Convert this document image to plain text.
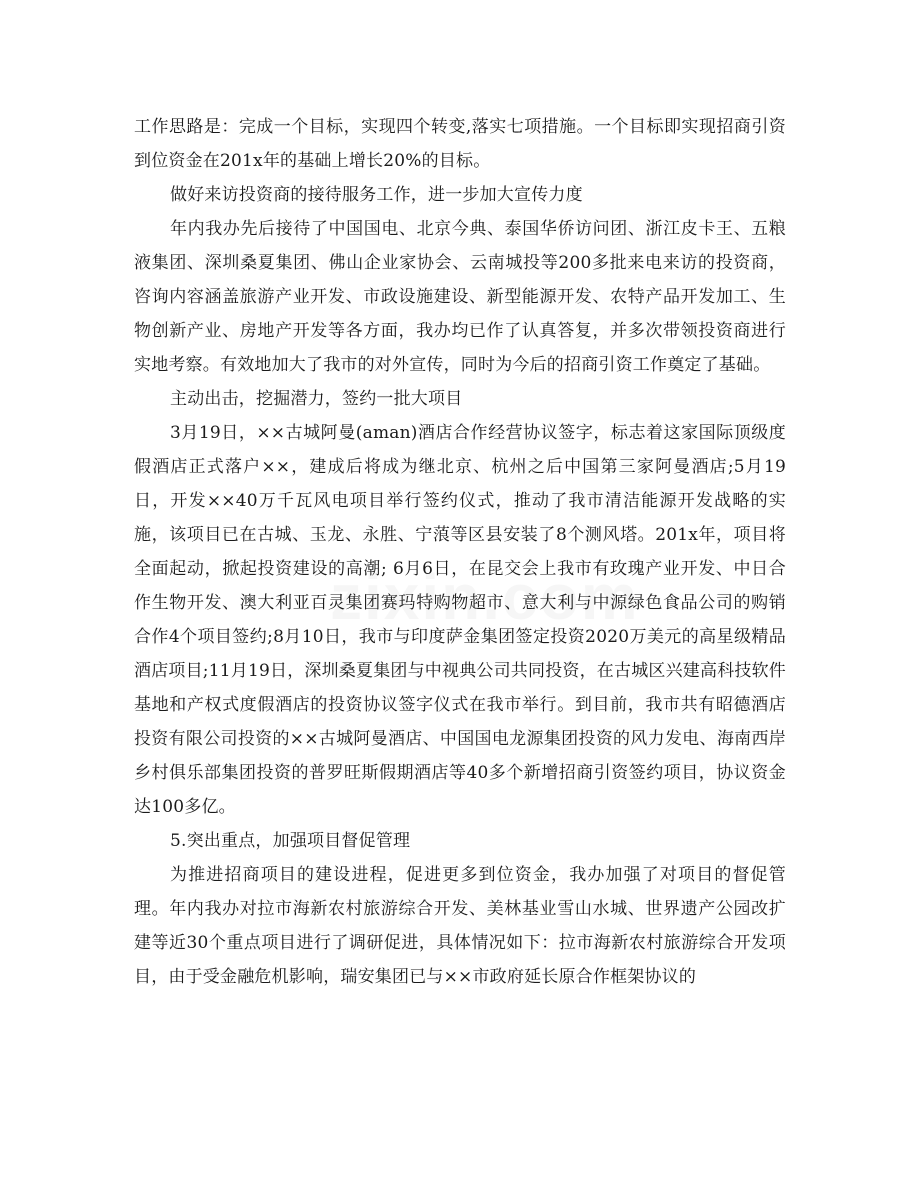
工作思路是：完成一个目标，实现四个转变,落实七项措施。一个目标即实现招商引资到位资金在201x年的基础上增长20%的目标。

做好来访投资商的接待服务工作，进一步加大宣传力度

年内我办先后接待了中国国电、北京今典、泰国华侨访问团、浙江皮卡王、五粮液集团、深圳桑夏集团、佛山企业家协会、云南城投等200多批来电来访的投资商，咨询内容涵盖旅游产业开发、市政设施建设、新型能源开发、农特产品开发加工、生物创新产业、房地产开发等各方面，我办均已作了认真答复，并多次带领投资商进行实地考察。有效地加大了我市的对外宣传，同时为今后的招商引资工作奠定了基础。

主动出击，挖掘潜力，签约一批大项目

3月19日，××古城阿曼(aman)酒店合作经营协议签字，标志着这家国际顶级度假酒店正式落户××，建成后将成为继北京、杭州之后中国第三家阿曼酒店;5月19日，开发××40万千瓦风电项目举行签约仪式，推动了我市清洁能源开发战略的实施，该项目已在古城、玉龙、永胜、宁蒗等区县安装了8个测风塔。201x年，项目将全面起动，掀起投资建设的高潮; 6月6日，在昆交会上我市有玫瑰产业开发、中日合作生物开发、澳大利亚百灵集团赛玛特购物超市、意大利与中源绿色食品公司的购销合作4个项目签约;8月10日，我市与印度萨金集团签定投资2020万美元的高星级精品酒店项目;11月19日，深圳桑夏集团与中视典公司共同投资，在古城区兴建高科技软件基地和产权式度假酒店的投资协议签字仪式在我市举行。到目前，我市共有昭德酒店投资有限公司投资的××古城阿曼酒店、中国国电龙源集团投资的风力发电、海南西岸乡村俱乐部集团投资的普罗旺斯假期酒店等40多个新增招商引资签约项目，协议资金达100多亿。

5.突出重点，加强项目督促管理

为推进招商项目的建设进程，促进更多到位资金，我办加强了对项目的督促管理。年内我办对拉市海新农村旅游综合开发、美林基业雪山水城、世界遗产公园改扩建等近30个重点项目进行了调研促进，具体情况如下：拉市海新农村旅游综合开发项目，由于受金融危机影响，瑞安集团已与××市政府延长原合作框架协议的
